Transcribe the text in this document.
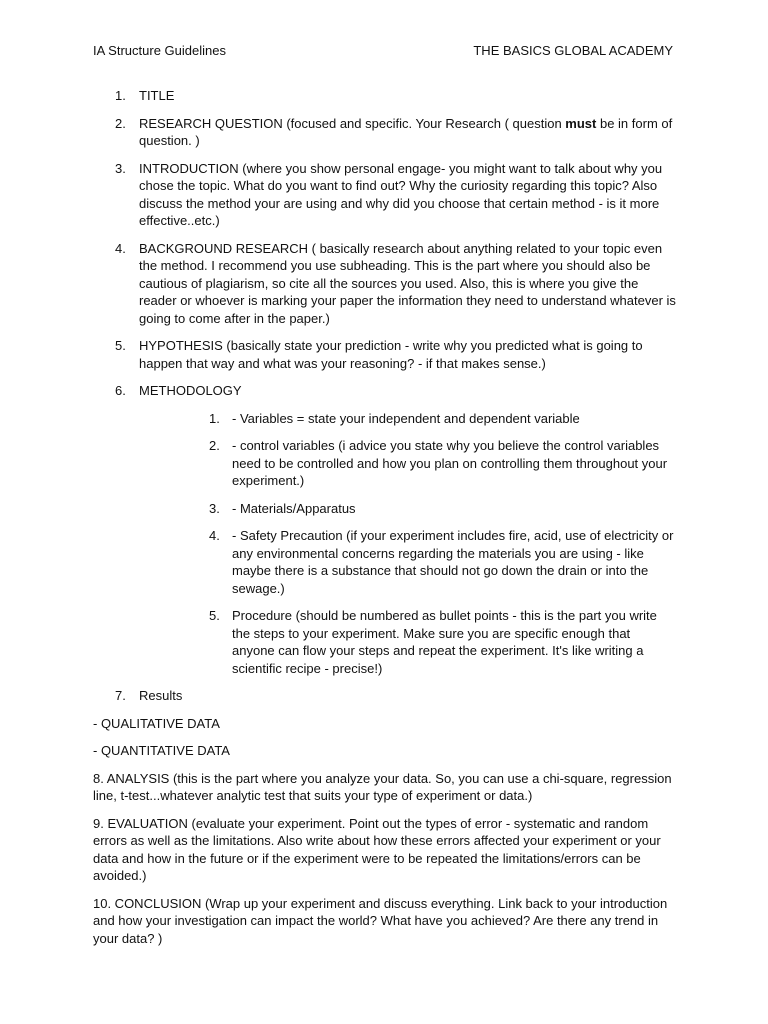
IA Structure Guidelines	THE BASICS GLOBAL ACADEMY
1. TITLE
2. RESEARCH QUESTION (focused and specific. Your Research ( question must be in form of question. )
3. INTRODUCTION (where you show personal engage- you might want to talk about why you chose the topic. What do you want to find out? Why the curiosity regarding this topic? Also discuss the method your are using and why did you choose that certain method - is it more effective..etc.)
4. BACKGROUND RESEARCH ( basically research about anything related to your topic even the method. I recommend you use subheading. This is the part where you should also be cautious of plagiarism, so cite all the sources you used. Also, this is where you give the reader or whoever is marking your paper the information they need to understand whatever is going to come after in the paper.)
5. HYPOTHESIS (basically state your prediction - write why you predicted what is going to happen that way and what was your reasoning? - if that makes sense.)
6. METHODOLOGY
1. - Variables = state your independent and dependent variable
2. - control variables (i advice you state why you believe the control variables need to be controlled and how you plan on controlling them throughout your experiment.)
3. - Materials/Apparatus
4. - Safety Precaution (if your experiment includes fire, acid, use of electricity or any environmental concerns regarding the materials you are using - like maybe there is a substance that should not go down the drain or into the sewage.)
5. Procedure (should be numbered as bullet points - this is the part you write the steps to your experiment. Make sure you are specific enough that anyone can flow your steps and repeat the experiment. It's like writing a scientific recipe - precise!)
7. Results

- QUALITATIVE DATA

- QUANTITATIVE DATA

8. ANALYSIS (this is the part where you analyze your data. So, you can use a chi-square, regression line, t-test...whatever analytic test that suits your type of experiment or data.)

9. EVALUATION (evaluate your experiment. Point out the types of error - systematic and random errors as well as the limitations. Also write about how these errors affected your experiment or your data and how in the future or if the experiment were to be repeated the limitations/errors can be avoided.)

10. CONCLUSION (Wrap up your experiment and discuss everything. Link back to your introduction and how your investigation can impact the world? What have you achieved? Are there any trend in your data? )
